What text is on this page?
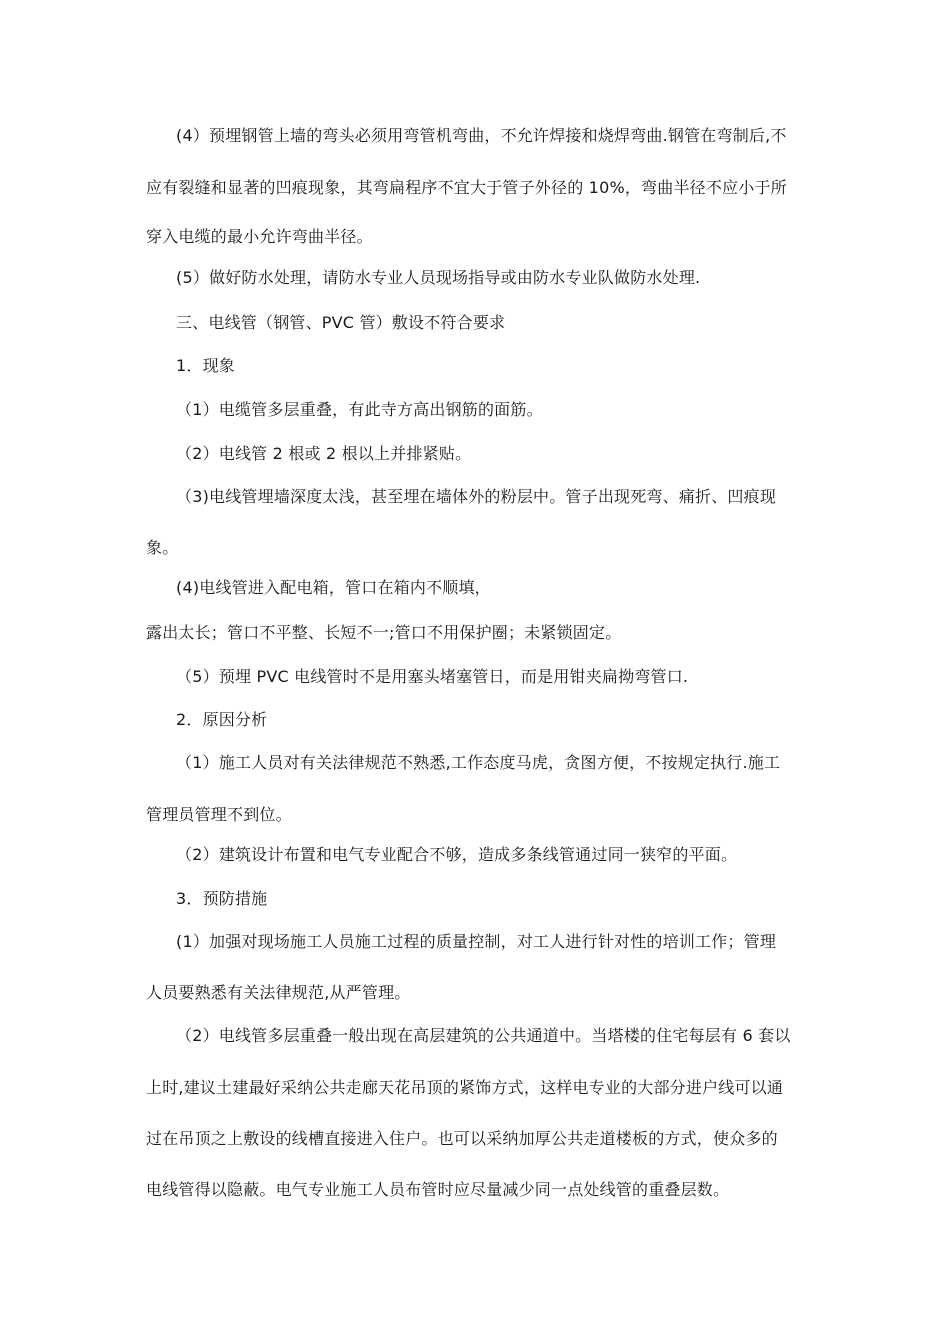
(4）预埋钢管上墙的弯头必须用弯管机弯曲，不允许焊接和烧焊弯曲.钢管在弯制后,不
应有裂缝和显著的凹痕现象，其弯扁程序不宜大于管子外径的 10%，弯曲半径不应小于所
穿入电缆的最小允许弯曲半径。
(5）做好防水处理，请防水专业人员现场指导或由防水专业队做防水处理.
三、电线管（钢管、PVC 管）敷设不符合要求
1．现象
（1）电缆管多层重叠，有此寺方高出钢筋的面筋。
（2）电线管 2 根或 2 根以上并排紧贴。
（3)电线管埋墙深度太浅，甚至埋在墙体外的粉层中。管子出现死弯、痛折、凹痕现
象。
(4)电线管进入配电箱，管口在箱内不顺填，
露出太长；管口不平整、长短不一;管口不用保护圈；未紧锁固定。
（5）预埋 PVC 电线管时不是用塞头堵塞管日，而是用钳夹扁拗弯管口.
2．原因分析
（1）施工人员对有关法律规范不熟悉,工作态度马虎，贪图方便，不按规定执行.施工
管理员管理不到位。
（2）建筑设计布置和电气专业配合不够，造成多条线管通过同一狭窄的平面。
3．预防措施
(1）加强对现场施工人员施工过程的质量控制，对工人进行针对性的培训工作；管理
人员要熟悉有关法律规范,从严管理。
（2）电线管多层重叠一般出现在高层建筑的公共通道中。当塔楼的住宅每层有 6 套以
上时,建议土建最好采纳公共走廊天花吊顶的紧饰方式，这样电专业的大部分进户线可以通
过在吊顶之上敷设的线槽直接进入住户。也可以采纳加厚公共走道楼板的方式，使众多的
电线管得以隐蔽。电气专业施工人员布管时应尽量减少同一点处线管的重叠层数。
